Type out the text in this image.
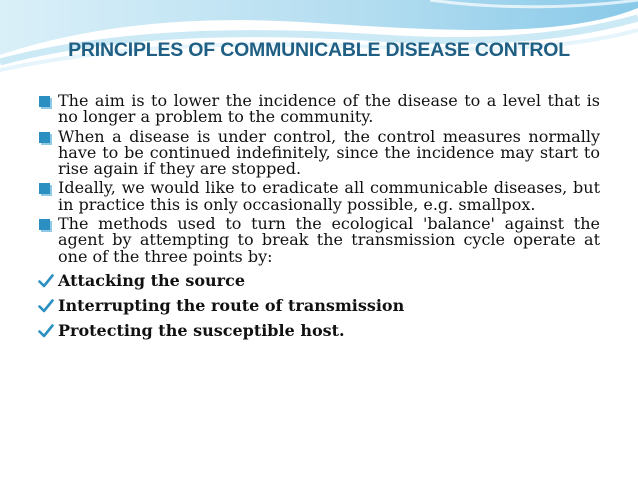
PRINCIPLES OF COMMUNICABLE DISEASE CONTROL
The aim is to lower the incidence of the disease to a level that is no longer a problem to the community.
When a disease is under control, the control measures normally have to be continued indefinitely, since the incidence may start to rise again if they are stopped.
Ideally, we would like to eradicate all communicable diseases, but in practice this is only occasionally possible, e.g. smallpox.
The methods used to turn the ecological 'balance' against the agent by attempting to break the transmission cycle operate at one of the three points by:
Attacking the source
Interrupting the route of transmission
Protecting the susceptible host.
